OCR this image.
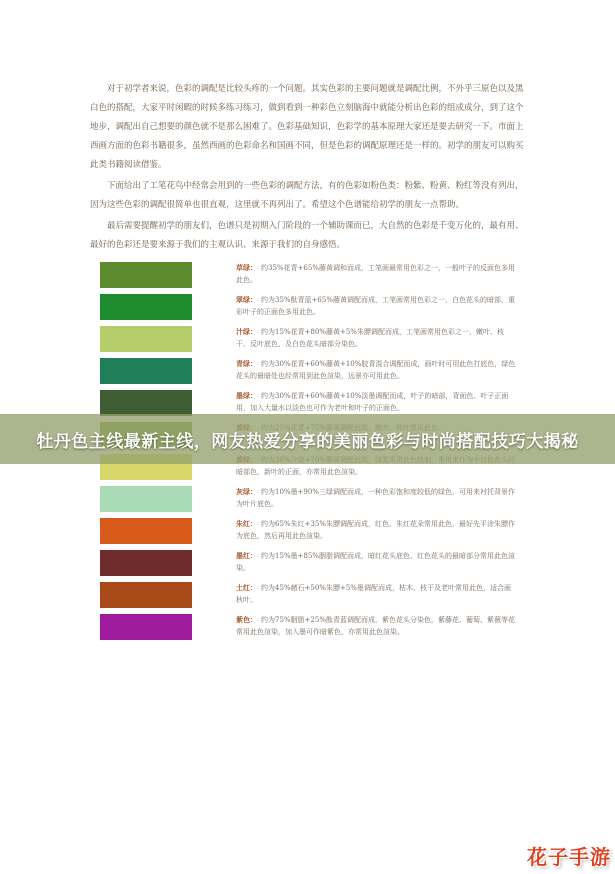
对于初学者来说，色彩的调配是比较头疼的一个问题。其实色彩的主要问题就是调配比例，不外乎三原色以及黑白色的搭配，大家平时闲暇的时候多练习练习，做到看到一种彩色立刻脑海中就能分析出色彩的组成成分，到了这个地步，调配出自己想要的颜色就不是那么困难了。色彩基础知识，色彩学的基本原理大家还是要去研究一下。市面上西画方面的色彩书籍很多，虽然西画的色彩命名和国画不同，但是色彩的调配原理还是一样的。初学的朋友可以购买此类书籍阅读借鉴。

下面给出了工笔花鸟中经常会用到的一些色彩的调配方法，有的色彩如粉色类：粉紫、粉黄、粉红等没有列出，因为这些色彩的调配很简单也很直观，这里就不再列出了。希望这个色谱能给初学的朋友一点帮助。

最后需要提醒初学的朋友们，色谱只是初期入门阶段的一个辅助课而已，大自然的色彩是千变万化的，最有用、最好的色彩还是要来源于我们的主观认识、来源于我们的自身感悟。

草绿： 约35%花青+65%藤黄调和而成，工笔画最常用色彩之一，一般叶子的反面色多用此色。
翠绿： 约为35%酞青蓝+65%藤黄调配而成，工笔画常用色彩之一，白色花头的暗部，重彩叶子的正面色多用此色。
汁绿： 约为15%花青+80%藤黄+5%朱膘调配而成，工笔画常用色彩之一，嫩叶、枝干、反叶底色，及白色花头暗部分染色。
青绿： 约为30%花青+60%藤黄+10%胶青混合调配而成，画叶时可用此色打底色，绿色花头的最暗处也经常用到此色渲染，远景亦可用此色。
墨绿： 约为30%花青+60%藤黄+10%淡墨调配而成，叶子的暗部，背面色、叶子正面用，加入大量水以淡色也可作为老叶和叶子的正面色。
暗部色，新叶的正面，亦常用此色渲染。
灰绿： 约为10%墨+90%三绿调配而成，一种色彩饱和度较低的绿色，可用来衬托背景作为叶片底色。
朱红： 约为65%朱红+35%朱膘调配而成，红色、朱红花朵常用此色，最好先平涂朱膘作为底色，然后再用此色渲染。
墨红： 约为15%墨+85%胭脂调配而成，暗红花头底色、红色花头的最暗部分常用此色渲染。
土红： 约为45%赭石+50%朱膘+5%墨调配而成，枯木、枝干及老叶常用此色，适合画秋叶。
紫色： 约为75%胭脂+25%酞青蓝调配而成，紫色花头分染色，紫藤花、葡萄、紫薇等花常用此色渲染，加入墨可作暗紫色，亦常用此色渲染。
牡丹色主线最新主线，网友热爱分享的美丽色彩与时尚搭配技巧大揭秘
花子手游
